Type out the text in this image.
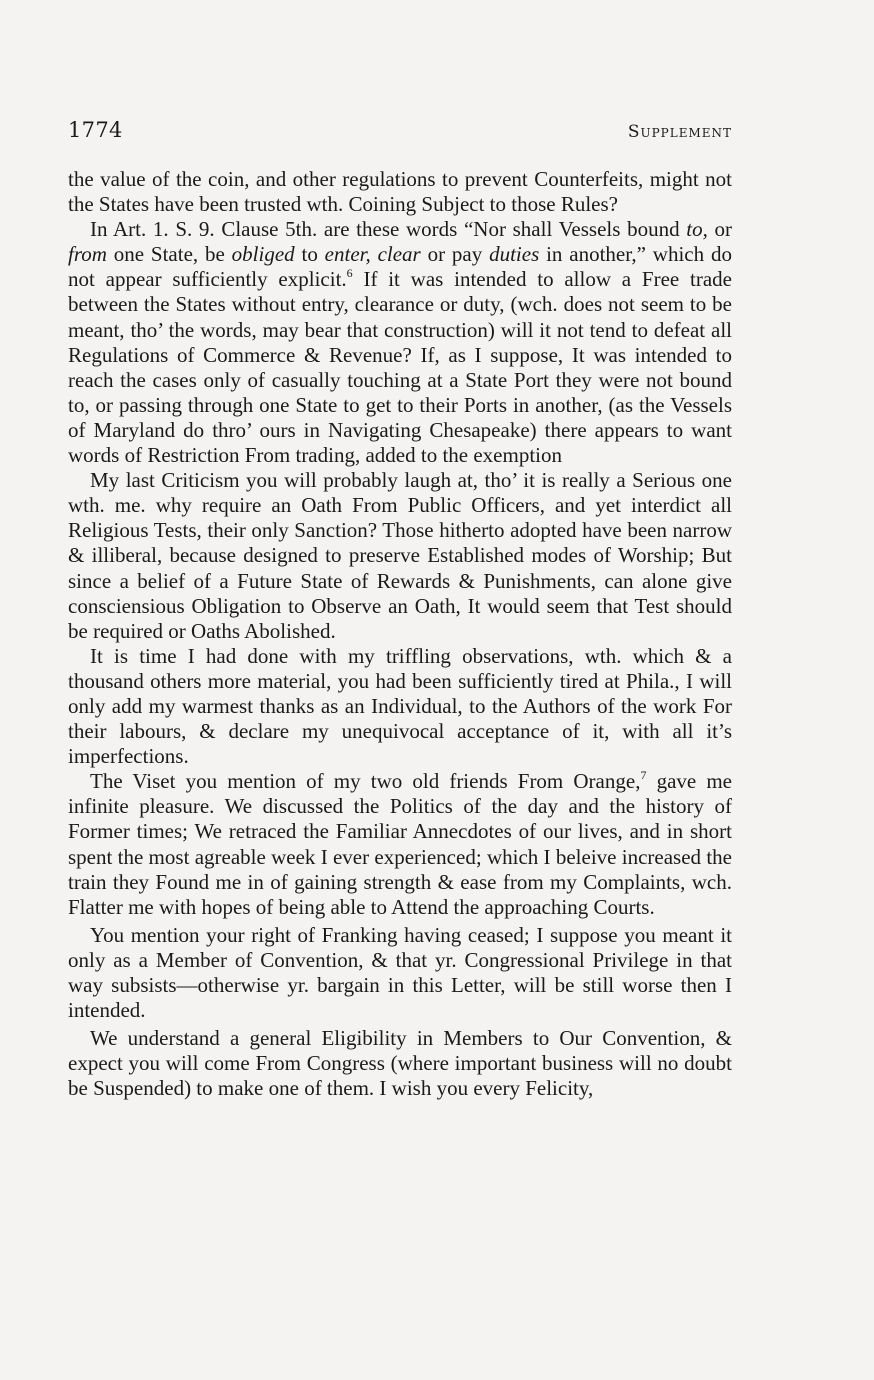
1774	Supplement

the value of the coin, and other regulations to prevent Counterfeits, might not the States have been trusted wth. Coining Subject to those Rules?

In Art. 1. S. 9. Clause 5th. are these words “Nor shall Vessels bound to, or from one State, be obliged to enter, clear or pay duties in another,” which do not appear sufficiently explicit.$^6$ If it was intended to allow a Free trade between the States without entry, clearance or duty, (wch. does not seem to be meant, tho’ the words, may bear that construction) will it not tend to defeat all Regulations of Commerce & Revenue? If, as I suppose, It was intended to reach the cases only of casually touching at a State Port they were not bound to, or passing through one State to get to their Ports in another, (as the Vessels of Maryland do thro’ ours in Navigating Chesapeake) there appears to want words of Restriction From trading, added to the exemption

My last Criticism you will probably laugh at, tho’ it is really a Serious one wth. me. why require an Oath From Public Officers, and yet interdict all Religious Tests, their only Sanction? Those hitherto adopted have been narrow & illiberal, because designed to preserve Established modes of Worship; But since a belief of a Future State of Rewards & Punishments, can alone give consciensious Obligation to Observe an Oath, It would seem that Test should be required or Oaths Abolished.

It is time I had done with my triffling observations, wth. which & a thousand others more material, you had been sufficiently tired at Phila., I will only add my warmest thanks as an Individual, to the Authors of the work For their labours, & declare my unequivocal acceptance of it, with all it’s imperfections.

The Viset you mention of my two old friends From Orange,$^7$ gave me infinite pleasure. We discussed the Politics of the day and the history of Former times; We retraced the Familiar Annecdotes of our lives, and in short spent the most agreable week I ever experienced; which I beleive increased the train they Found me in of gaining strength & ease from my Complaints, wch. Flatter me with hopes of being able to Attend the approaching Courts.

You mention your right of Franking having ceased; I suppose you meant it only as a Member of Convention, & that yr. Congressional Privilege in that way subsists—otherwise yr. bargain in this Letter, will be still worse then I intended.

We understand a general Eligibility in Members to Our Convention, & expect you will come From Congress (where important business will no doubt be Suspended) to make one of them. I wish you every Felicity,
